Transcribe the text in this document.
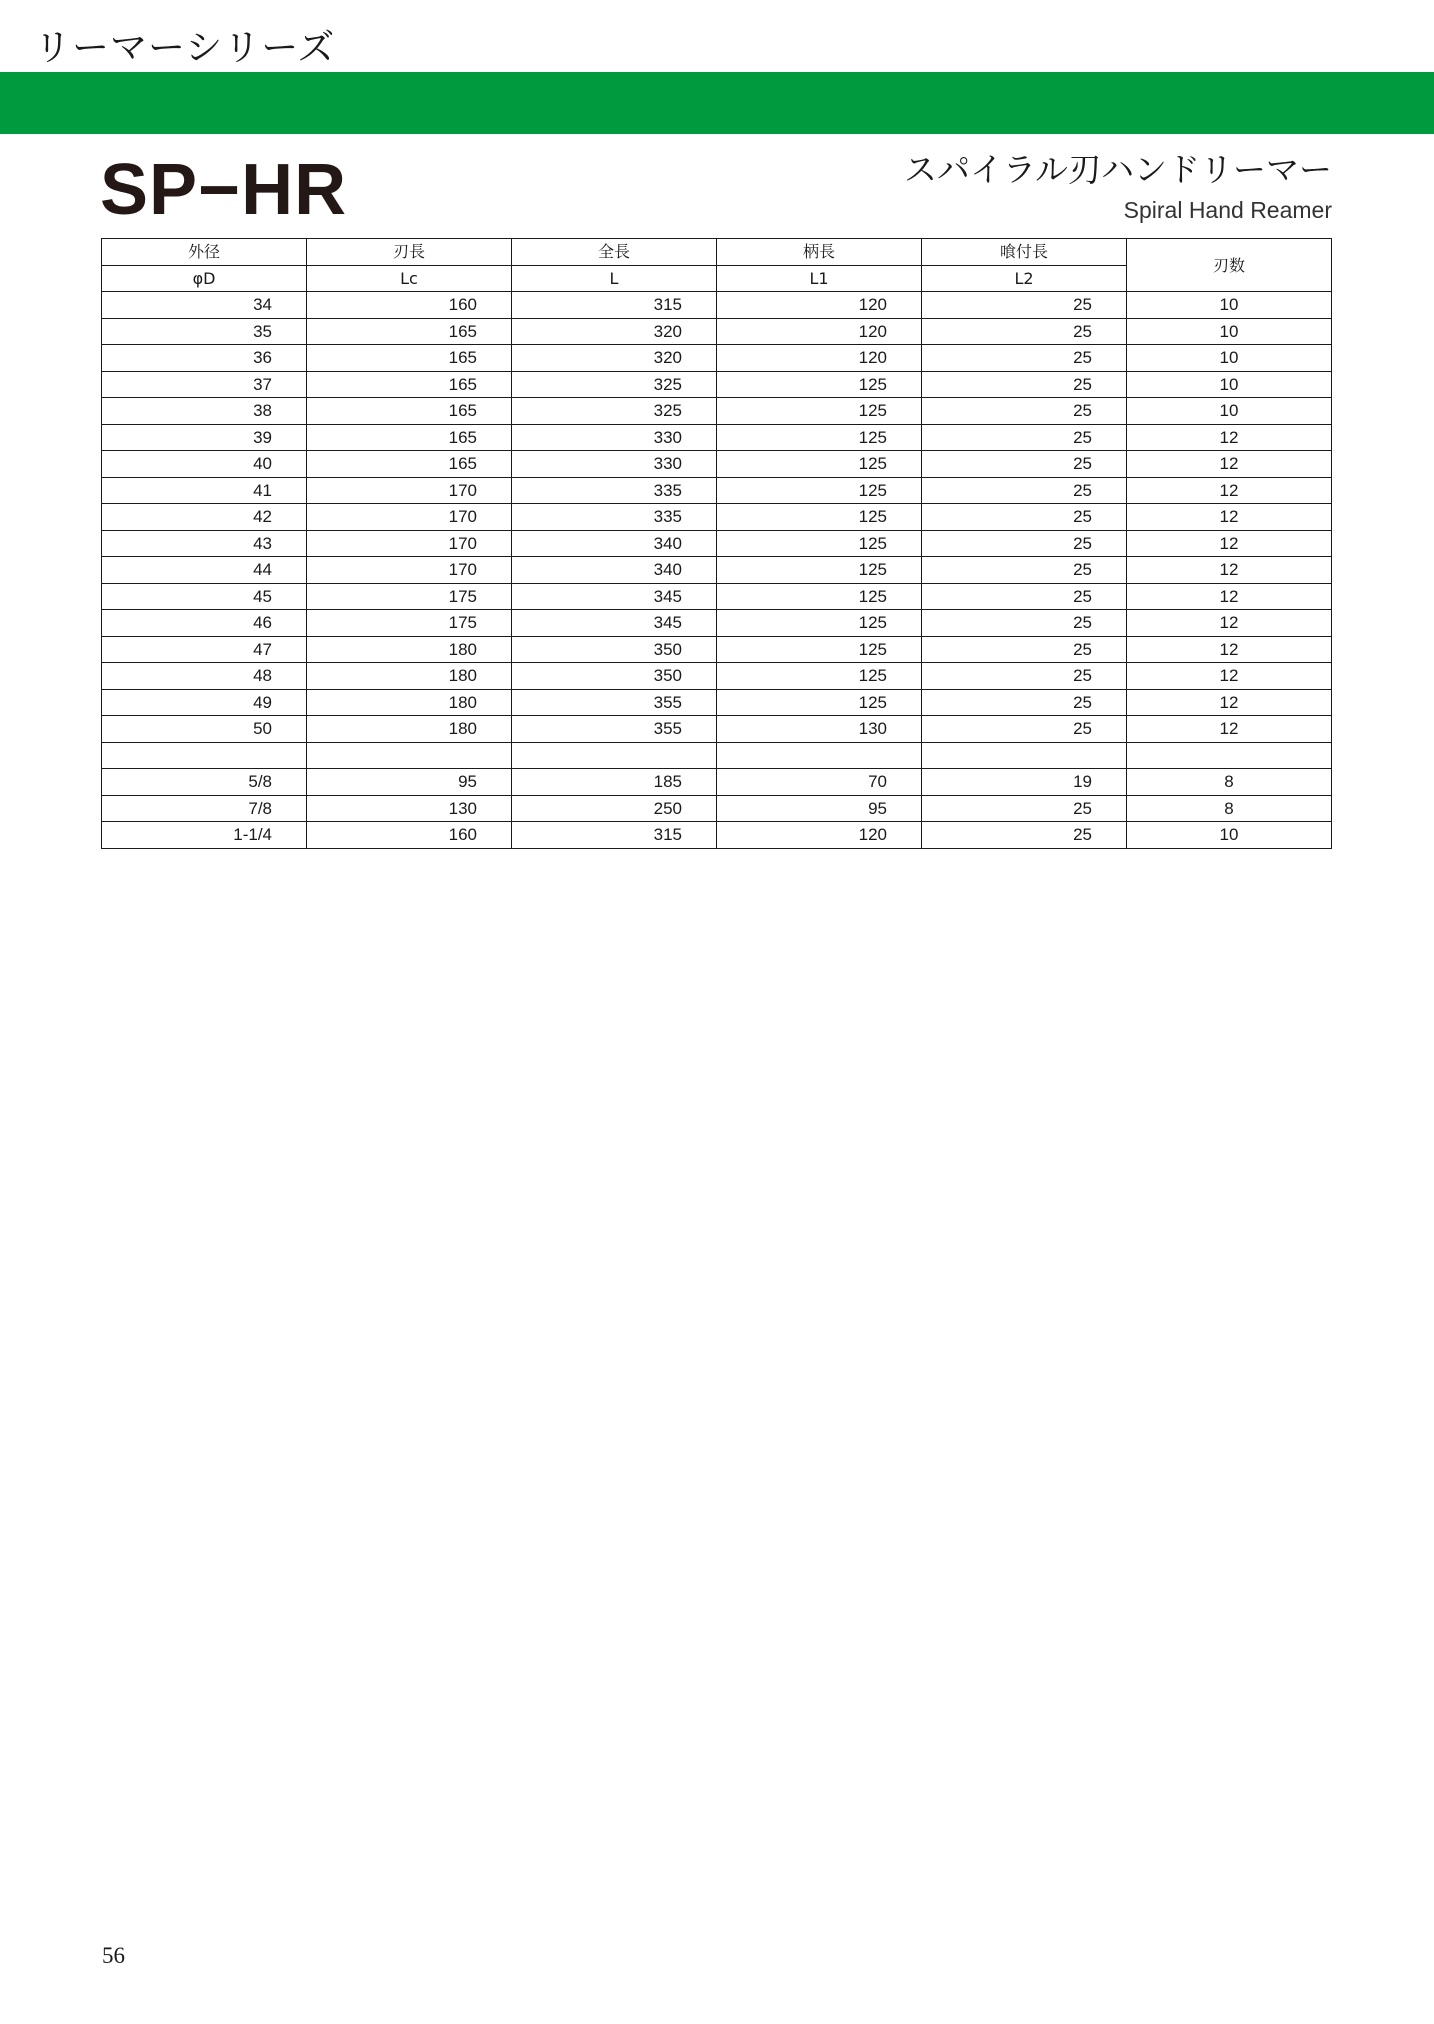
リーマーシリーズ
SP−HR	スパイラル刃ハンドリーマー
Spiral Hand Reamer
外径	刃長	全長	柄長	喰付長	刃数
φD	Lc	L	L1	L2	
34	160	315	120	25	10
35	165	320	120	25	10
36	165	320	120	25	10
37	165	325	125	25	10
38	165	325	125	25	10
39	165	330	125	25	12
40	165	330	125	25	12
41	170	335	125	25	12
42	170	335	125	25	12
43	170	340	125	25	12
44	170	340	125	25	12
45	175	345	125	25	12
46	175	345	125	25	12
47	180	350	125	25	12
48	180	350	125	25	12
49	180	355	125	25	12
50	180	355	130	25	12

5/8	95	185	70	19	8
7/8	130	250	95	25	8
1-1/4	160	315	120	25	10
56
